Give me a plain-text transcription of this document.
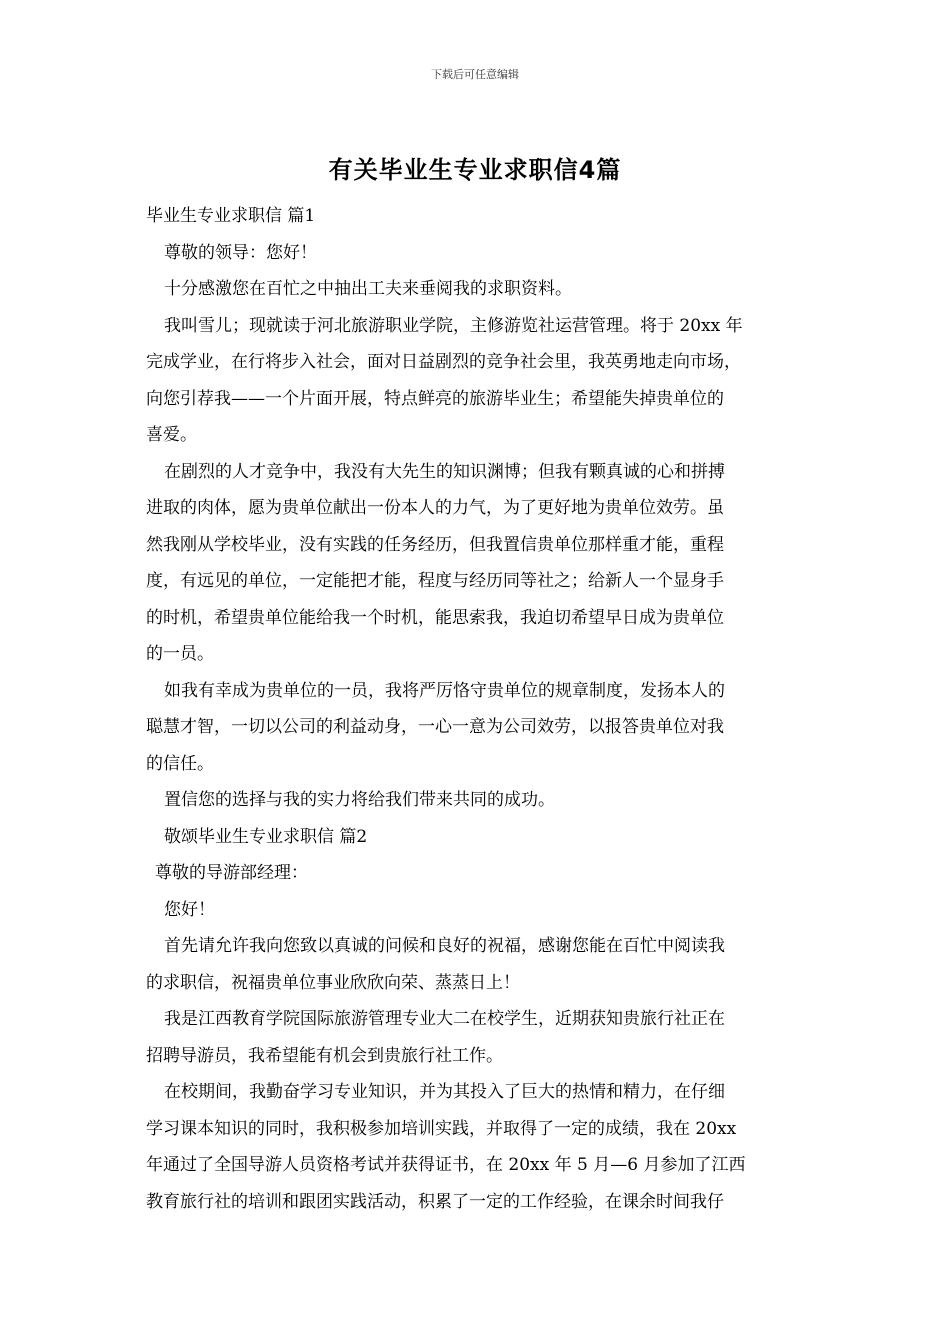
下载后可任意编辑
有关毕业生专业求职信4篇
毕业生专业求职信 篇1
尊敬的领导：您好！
十分感激您在百忙之中抽出工夫来垂阅我的求职资料。
我叫雪儿；现就读于河北旅游职业学院，主修游览社运营管理。将于 20xx 年
完成学业，在行将步入社会，面对日益剧烈的竞争社会里，我英勇地走向市场，
向您引荐我——一个片面开展，特点鲜亮的旅游毕业生；希望能失掉贵单位的
喜爱。
在剧烈的人才竞争中，我没有大先生的知识渊博；但我有颗真诚的心和拼搏
进取的肉体，愿为贵单位献出一份本人的力气，为了更好地为贵单位效劳。虽
然我刚从学校毕业，没有实践的任务经历，但我置信贵单位那样重才能，重程
度，有远见的单位，一定能把才能，程度与经历同等社之；给新人一个显身手
的时机，希望贵单位能给我一个时机，能思索我，我迫切希望早日成为贵单位
的一员。
如我有幸成为贵单位的一员，我将严厉恪守贵单位的规章制度，发扬本人的
聪慧才智，一切以公司的利益动身，一心一意为公司效劳，以报答贵单位对我
的信任。
置信您的选择与我的实力将给我们带来共同的成功。
敬颂毕业生专业求职信 篇2
尊敬的导游部经理：
您好！
首先请允许我向您致以真诚的问候和良好的祝福，感谢您能在百忙中阅读我
的求职信，祝福贵单位事业欣欣向荣、蒸蒸日上！
我是江西教育学院国际旅游管理专业大二在校学生，近期获知贵旅行社正在
招聘导游员，我希望能有机会到贵旅行社工作。
在校期间，我勤奋学习专业知识，并为其投入了巨大的热情和精力，在仔细
学习课本知识的同时，我积极参加培训实践，并取得了一定的成绩，我在 20xx
年通过了全国导游人员资格考试并获得证书，在 20xx 年 5 月—6 月参加了江西
教育旅行社的培训和跟团实践活动，积累了一定的工作经验，在课余时间我仔
